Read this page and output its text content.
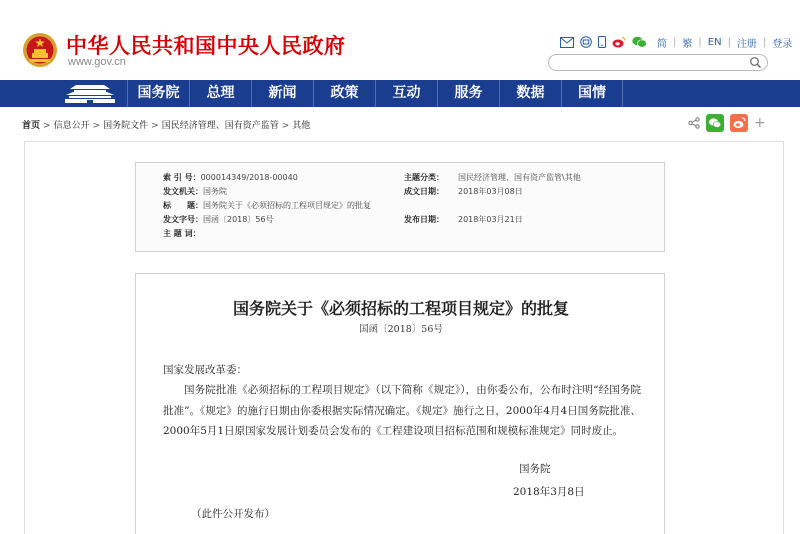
中华人民共和国中央人民政府
www.gov.cn
简 | 繁 | EN | 注册 | 登录
国务院	总理	新闻	政策	互动	服务	数据	国情
首页 > 信息公开 > 国务院文件 > 国民经济管理、国有资产监管 > 其他	+
索 引 号：000014349/2018-00040	主题分类： 国民经济管理、国有资产监管\其他
发文机关：国务院	成文日期： 2018年03月08日
标　　题：国务院关于《必须招标的工程项目规定》的批复
发文字号：国函〔2018〕56号	发布日期： 2018年03月21日
主 题 词：
国务院关于《必须招标的工程项目规定》的批复
国函〔2018〕56号
国家发展改革委：
国务院批准《必须招标的工程项目规定》（以下简称《规定》），由你委公布，公布时注明“经国务院批准”。《规定》的施行日期由你委根据实际情况确定。《规定》施行之日，2000年4月4日国务院批准、2000年5月1日原国家发展计划委员会发布的《工程建设项目招标范围和规模标准规定》同时废止。
国务院
2018年3月8日
（此件公开发布）
